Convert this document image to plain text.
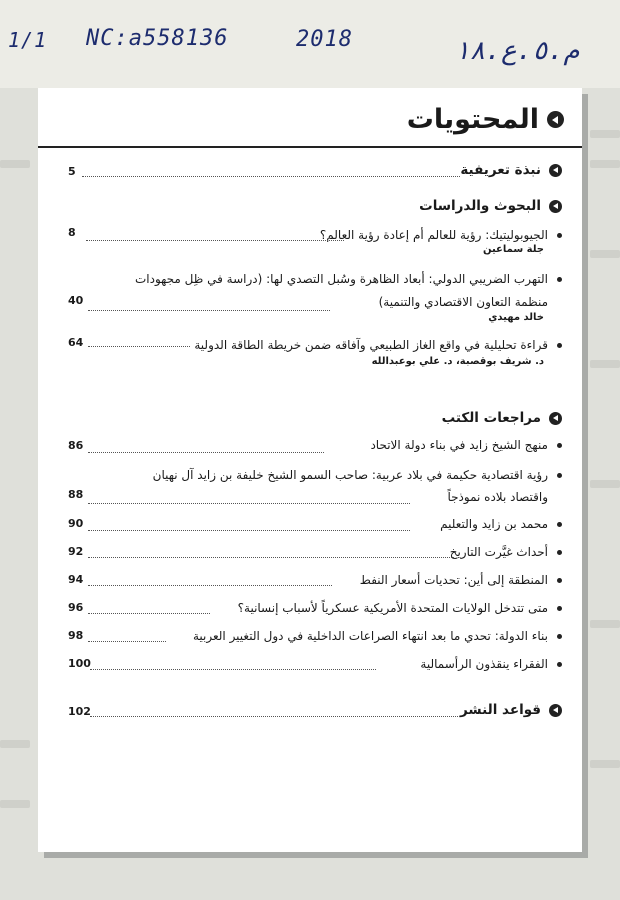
1/1 NC:a558136	2018	م.٥.ع.١٨
المحتويات
نبذة تعريفية
5
البحوث والدراسات
الجيوبوليتيك: رؤية للعالم أم إعادة رؤية العالم؟
8
جلة سماعين
التهرب الضريبي الدولي: أبعاد الظاهرة وسُبل التصدي لها: (دراسة في ظِل مجهودات
منظمة التعاون الاقتصادي والتنمية)
40
خالد مهيدي
قراءة تحليلية في واقع الغاز الطبيعي وآفاقه ضمن خريطة الطاقة الدولية
64
د. شريف بوقصبة، د. علي بوعبدالله
مراجعات الكتب
منهج الشيخ زايد في بناء دولة الاتحاد
86
رؤية اقتصادية حكيمة في بلاد عربية: صاحب السمو الشيخ خليفة بن زايد آل نهيان
واقتصاد بلاده نموذجاً
88
محمد بن زايد والتعليم
90
أحداث غيَّرت التاريخ
92
المنطقة إلى أين: تحديات أسعار النفط
94
متى تتدخل الولايات المتحدة الأمريكية عسكرياً لأسباب إنسانية؟
96
بناء الدولة: تحدي ما بعد انتهاء الصراعات الداخلية في دول التغيير العربية
98
الفقراء ينقذون الرأسمالية
100
قواعد النشر
102
